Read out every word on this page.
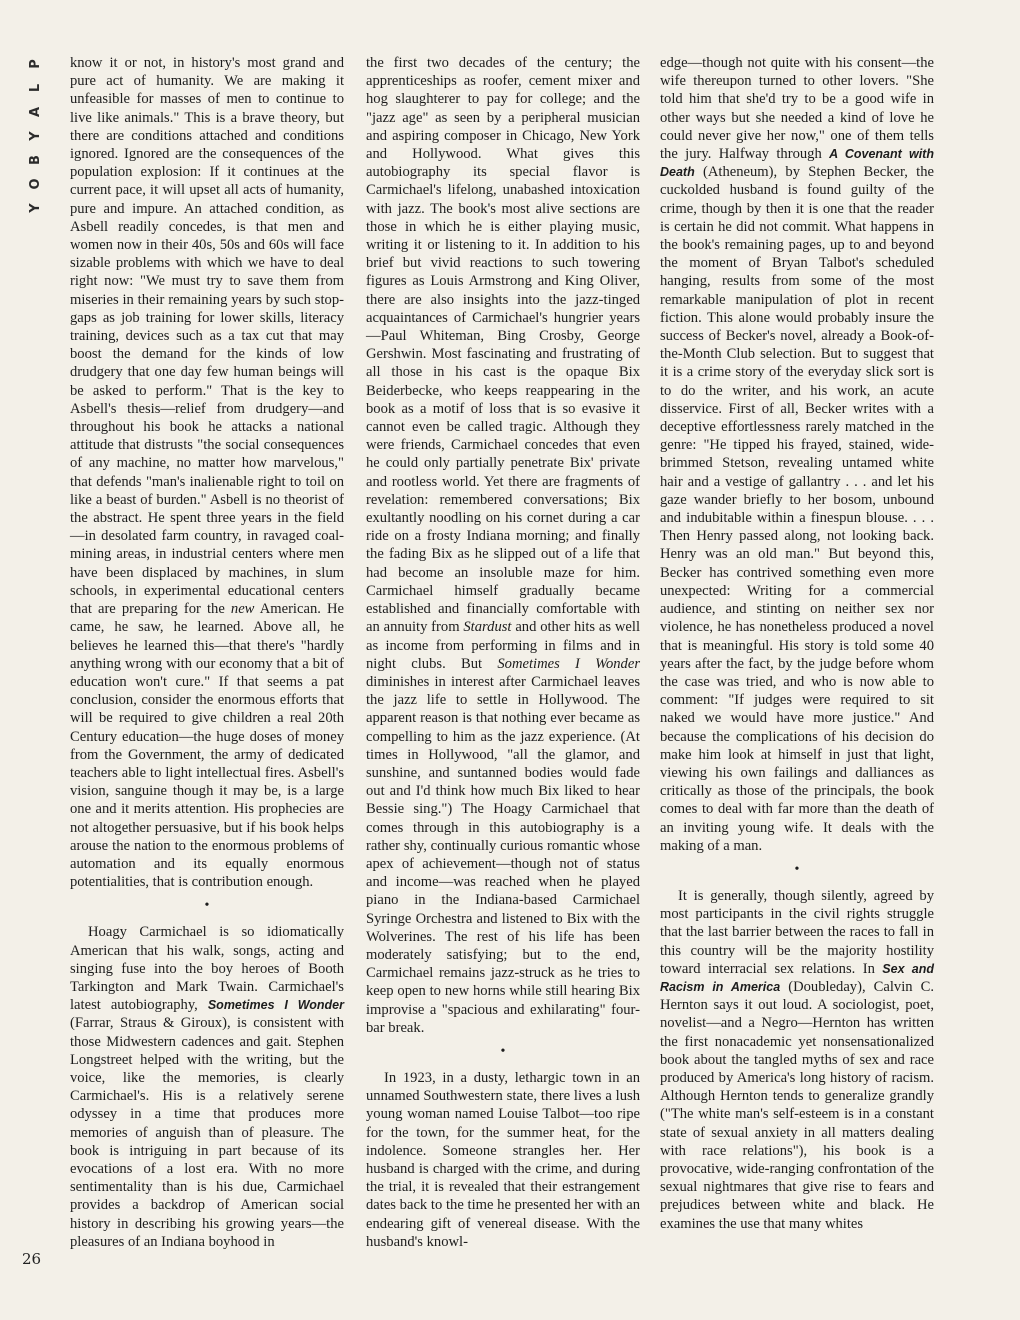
P
L
A
Y
B
O
Y
26

know it or not, in history's most grand and pure act of humanity. We are making it unfeasible for masses of men to continue to live like animals." This is a brave theory, but there are conditions attached and conditions ignored. Ignored are the consequences of the population explosion: If it continues at the current pace, it will upset all acts of humanity, pure and impure. An attached condition, as Asbell readily concedes, is that men and women now in their 40s, 50s and 60s will face sizable problems with which we have to deal right now: "We must try to save them from miseries in their remaining years by such stop-gaps as job training for lower skills, literacy training, devices such as a tax cut that may boost the demand for the kinds of low drudgery that one day few human beings will be asked to perform." That is the key to Asbell's thesis—relief from drudgery—and throughout his book he attacks a national attitude that distrusts "the social consequences of any machine, no matter how marvelous," that defends "man's inalienable right to toil on like a beast of burden." Asbell is no theorist of the abstract. He spent three years in the field—in desolated farm country, in ravaged coal-mining areas, in industrial centers where men have been displaced by machines, in slum schools, in experimental educational centers that are preparing for the new American. He came, he saw, he learned. Above all, he believes he learned this—that there's "hardly anything wrong with our economy that a bit of education won't cure." If that seems a pat conclusion, consider the enormous efforts that will be required to give children a real 20th Century education—the huge doses of money from the Government, the army of dedicated teachers able to light intellectual fires. Asbell's vision, sanguine though it may be, is a large one and it merits attention. His prophecies are not altogether persuasive, but if his book helps arouse the nation to the enormous problems of automation and its equally enormous potentialities, that is contribution enough.

•

Hoagy Carmichael is so idiomatically American that his walk, songs, acting and singing fuse into the boy heroes of Booth Tarkington and Mark Twain. Carmichael's latest autobiography, Sometimes I Wonder (Farrar, Straus & Giroux), is consistent with those Midwestern cadences and gait. Stephen Longstreet helped with the writing, but the voice, like the memories, is clearly Carmichael's. His is a relatively serene odyssey in a time that produces more memories of anguish than of pleasure. The book is intriguing in part because of its evocations of a lost era. With no more sentimentality than is his due, Carmichael provides a backdrop of American social history in describing his growing years—the pleasures of an Indiana boyhood in

the first two decades of the century; the apprenticeships as roofer, cement mixer and hog slaughterer to pay for college; and the "jazz age" as seen by a peripheral musician and aspiring composer in Chicago, New York and Hollywood. What gives this autobiography its special flavor is Carmichael's lifelong, unabashed intoxication with jazz. The book's most alive sections are those in which he is either playing music, writing it or listening to it. In addition to his brief but vivid reactions to such towering figures as Louis Armstrong and King Oliver, there are also insights into the jazz-tinged acquaintances of Carmichael's hungrier years—Paul Whiteman, Bing Crosby, George Gershwin. Most fascinating and frustrating of all those in his cast is the opaque Bix Beiderbecke, who keeps reappearing in the book as a motif of loss that is so evasive it cannot even be called tragic. Although they were friends, Carmichael concedes that even he could only partially penetrate Bix' private and rootless world. Yet there are fragments of revelation: remembered conversations; Bix exultantly noodling on his cornet during a car ride on a frosty Indiana morning; and finally the fading Bix as he slipped out of a life that had become an insoluble maze for him. Carmichael himself gradually became established and financially comfortable with an annuity from Stardust and other hits as well as income from performing in films and in night clubs. But Sometimes I Wonder diminishes in interest after Carmichael leaves the jazz life to settle in Hollywood. The apparent reason is that nothing ever became as compelling to him as the jazz experience. (At times in Hollywood, "all the glamor, and sunshine, and suntanned bodies would fade out and I'd think how much Bix liked to hear Bessie sing.") The Hoagy Carmichael that comes through in this autobiography is a rather shy, continually curious romantic whose apex of achievement—though not of status and income—was reached when he played piano in the Indiana-based Carmichael Syringe Orchestra and listened to Bix with the Wolverines. The rest of his life has been moderately satisfying; but to the end, Carmichael remains jazz-struck as he tries to keep open to new horns while still hearing Bix improvise a "spacious and exhilarating" four-bar break.

•

In 1923, in a dusty, lethargic town in an unnamed Southwestern state, there lives a lush young woman named Louise Talbot—too ripe for the town, for the summer heat, for the indolence. Someone strangles her. Her husband is charged with the crime, and during the trial, it is revealed that their estrangement dates back to the time he presented her with an endearing gift of venereal disease. With the husband's knowl-

edge—though not quite with his consent—the wife thereupon turned to other lovers. "She told him that she'd try to be a good wife in other ways but she needed a kind of love he could never give her now," one of them tells the jury. Halfway through A Covenant with Death (Atheneum), by Stephen Becker, the cuckolded husband is found guilty of the crime, though by then it is one that the reader is certain he did not commit. What happens in the book's remaining pages, up to and beyond the moment of Bryan Talbot's scheduled hanging, results from some of the most remarkable manipulation of plot in recent fiction. This alone would probably insure the success of Becker's novel, already a Book-of-the-Month Club selection. But to suggest that it is a crime story of the everyday slick sort is to do the writer, and his work, an acute disservice. First of all, Becker writes with a deceptive effortlessness rarely matched in the genre: "He tipped his frayed, stained, wide-brimmed Stetson, revealing untamed white hair and a vestige of gallantry . . . and let his gaze wander briefly to her bosom, unbound and indubitable within a finespun blouse. . . . Then Henry passed along, not looking back. Henry was an old man." But beyond this, Becker has contrived something even more unexpected: Writing for a commercial audience, and stinting on neither sex nor violence, he has nonetheless produced a novel that is meaningful. His story is told some 40 years after the fact, by the judge before whom the case was tried, and who is now able to comment: "If judges were required to sit naked we would have more justice." And because the complications of his decision do make him look at himself in just that light, viewing his own failings and dalliances as critically as those of the principals, the book comes to deal with far more than the death of an inviting young wife. It deals with the making of a man.

•

It is generally, though silently, agreed by most participants in the civil rights struggle that the last barrier between the races to fall in this country will be the majority hostility toward interracial sex relations. In Sex and Racism in America (Doubleday), Calvin C. Hernton says it out loud. A sociologist, poet, novelist—and a Negro—Hernton has written the first nonacademic yet nonsensationalized book about the tangled myths of sex and race produced by America's long history of racism. Although Hernton tends to generalize grandly ("The white man's self-esteem is in a constant state of sexual anxiety in all matters dealing with race relations"), his book is a provocative, wide-ranging confrontation of the sexual nightmares that give rise to fears and prejudices between white and black. He examines the use that many whites
